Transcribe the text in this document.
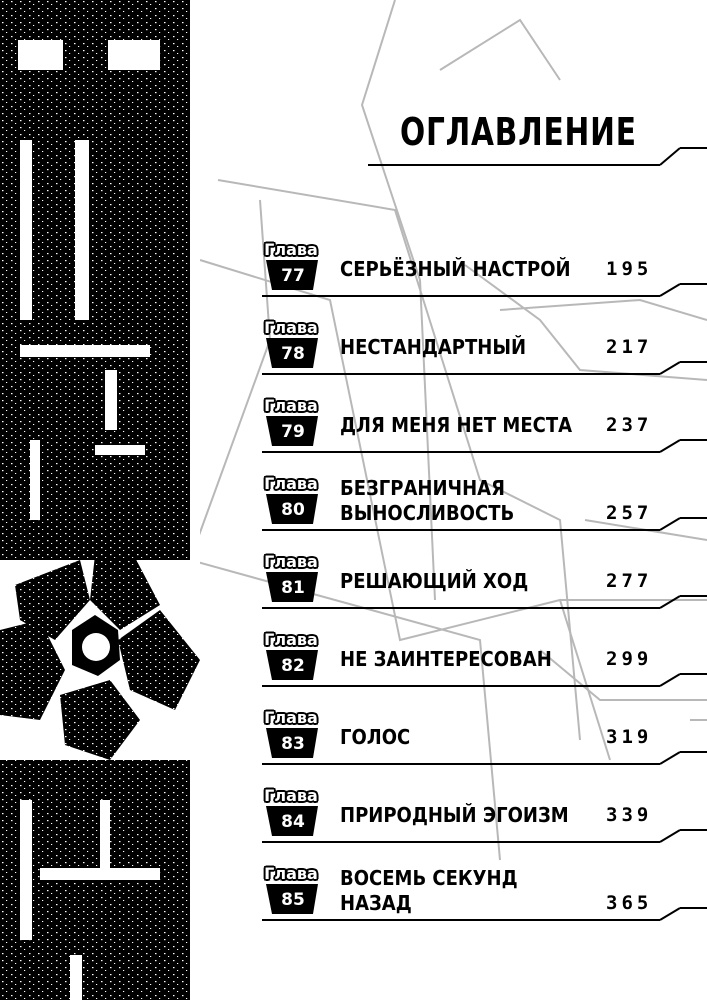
ОГЛАВЛЕНИЕ
Глава
77	СЕРЬЁЗНЫЙ НАСТРОЙ 195
Глава
78	НЕСТАНДАРТНЫЙ	217
Глава
79	ДЛЯ МЕНЯ НЕТ МЕСТА 237
Глава
80
БЕЗГРАНИЧНАЯ
ВЫНОСЛИВОСТЬ	257
Глава
81	РЕШАЮЩИЙ ХОД	277
Глава
82	НЕ ЗАИНТЕРЕСОВАН	299
Глава
83	ГОЛОС	319
Глава
84	ПРИРОДНЫЙ ЭГОИЗМ 339
Глава
85
ВОСЕМЬ СЕКУНД
НАЗАД	365
